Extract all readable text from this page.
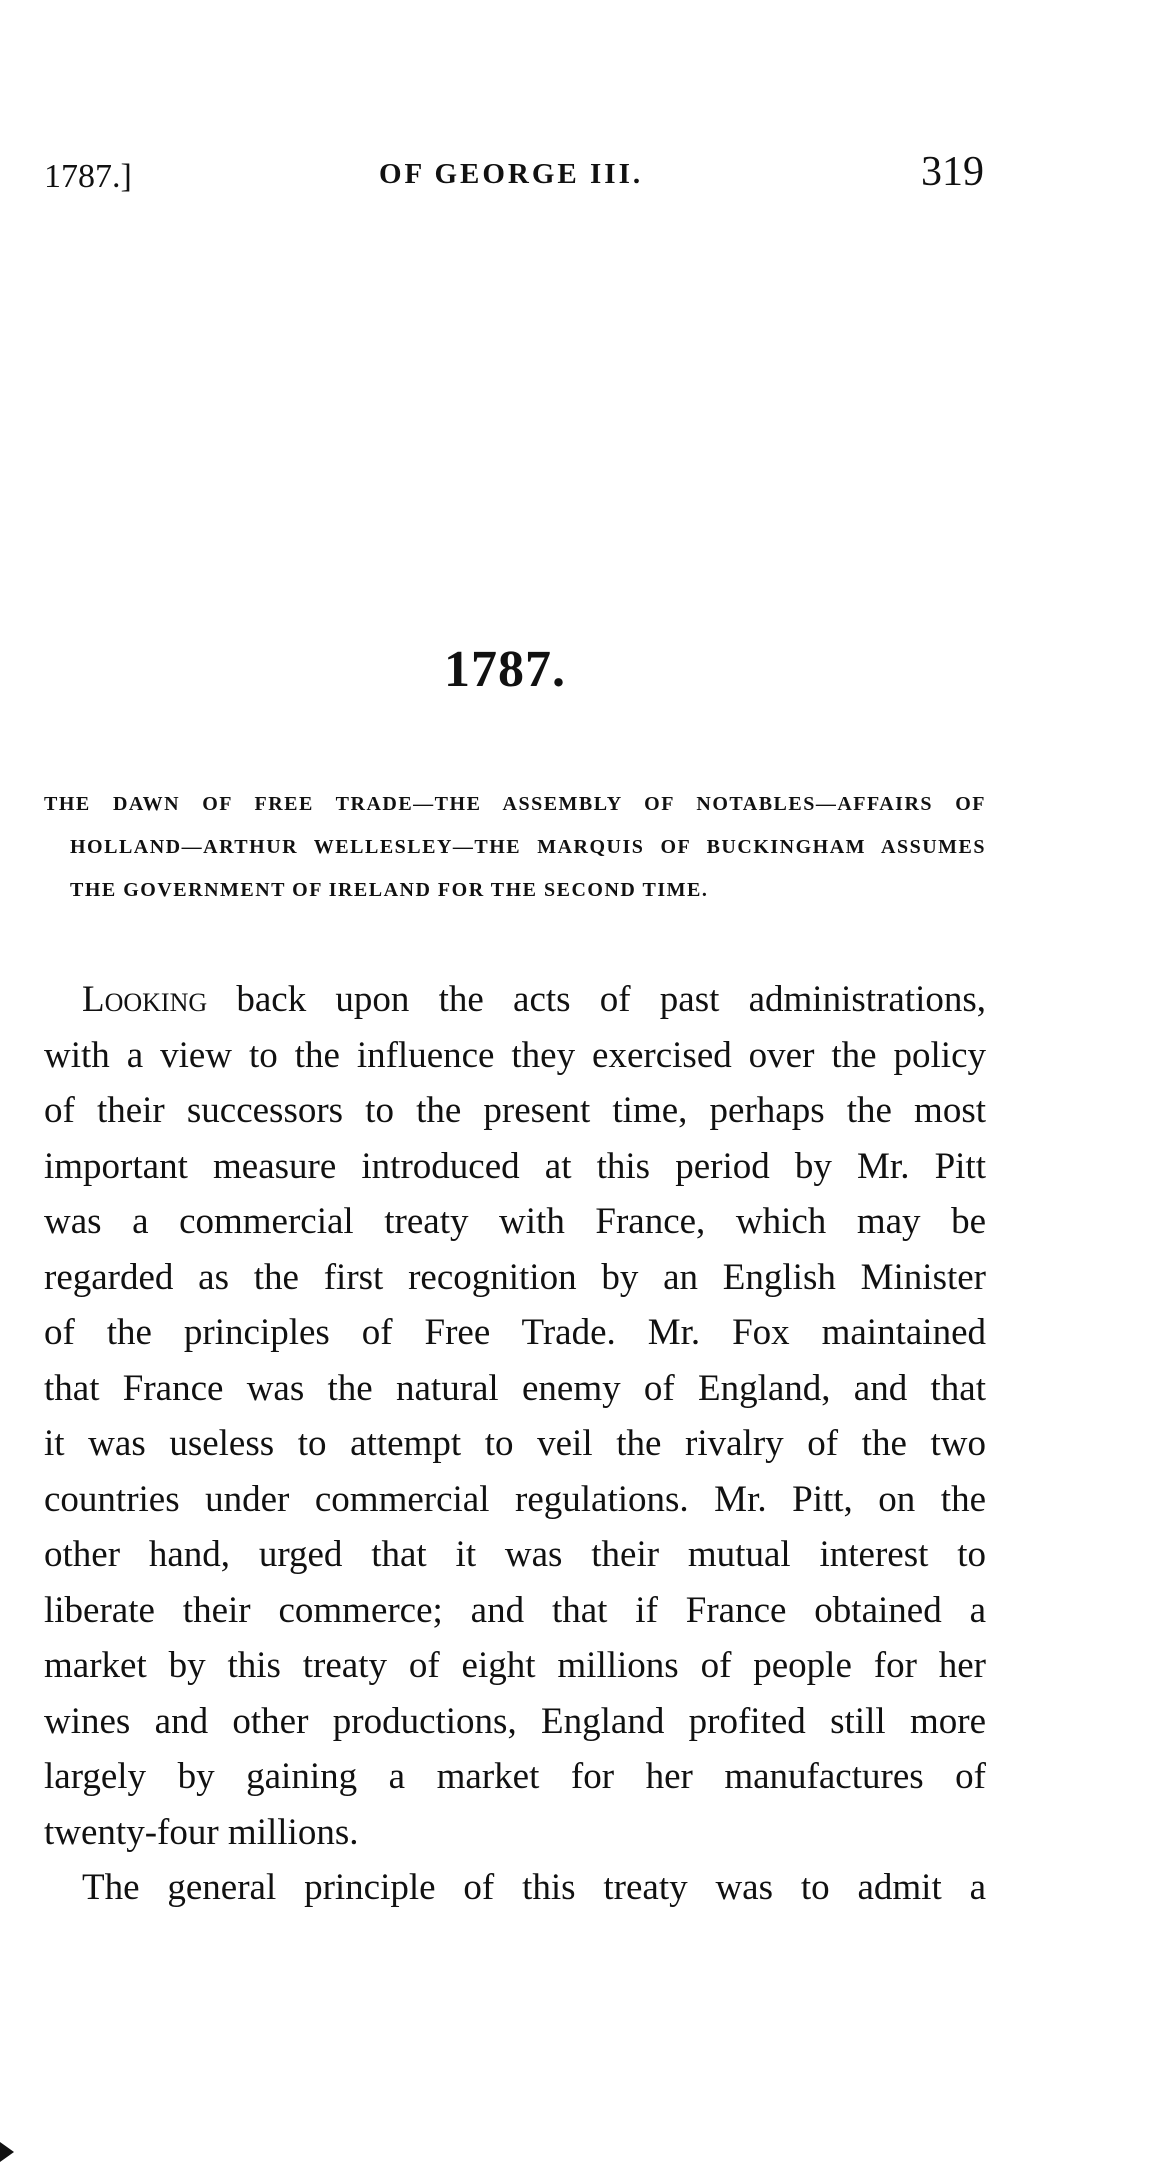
1787.]	OF GEORGE III.	319
1787.
THE DAWN OF FREE TRADE—THE ASSEMBLY OF NOTABLES—AFFAIRS OF
HOLLAND—ARTHUR WELLESLEY—THE MARQUIS OF BUCKINGHAM ASSUMES
THE GOVERNMENT OF IRELAND FOR THE SECOND TIME.

Looking back upon the acts of past administrations,
with a view to the influence they exercised over the policy
of their successors to the present time, perhaps the most
important measure introduced at this period by Mr. Pitt
was a commercial treaty with France, which may be
regarded as the first recognition by an English Minister
of the principles of Free Trade. Mr. Fox maintained
that France was the natural enemy of England, and that
it was useless to attempt to veil the rivalry of the two
countries under commercial regulations. Mr. Pitt, on the
other hand, urged that it was their mutual interest to
liberate their commerce; and that if France obtained a
market by this treaty of eight millions of people for her
wines and other productions, England profited still more
largely by gaining a market for her manufactures of
twenty-four millions.

The general principle of this treaty was to admit a
